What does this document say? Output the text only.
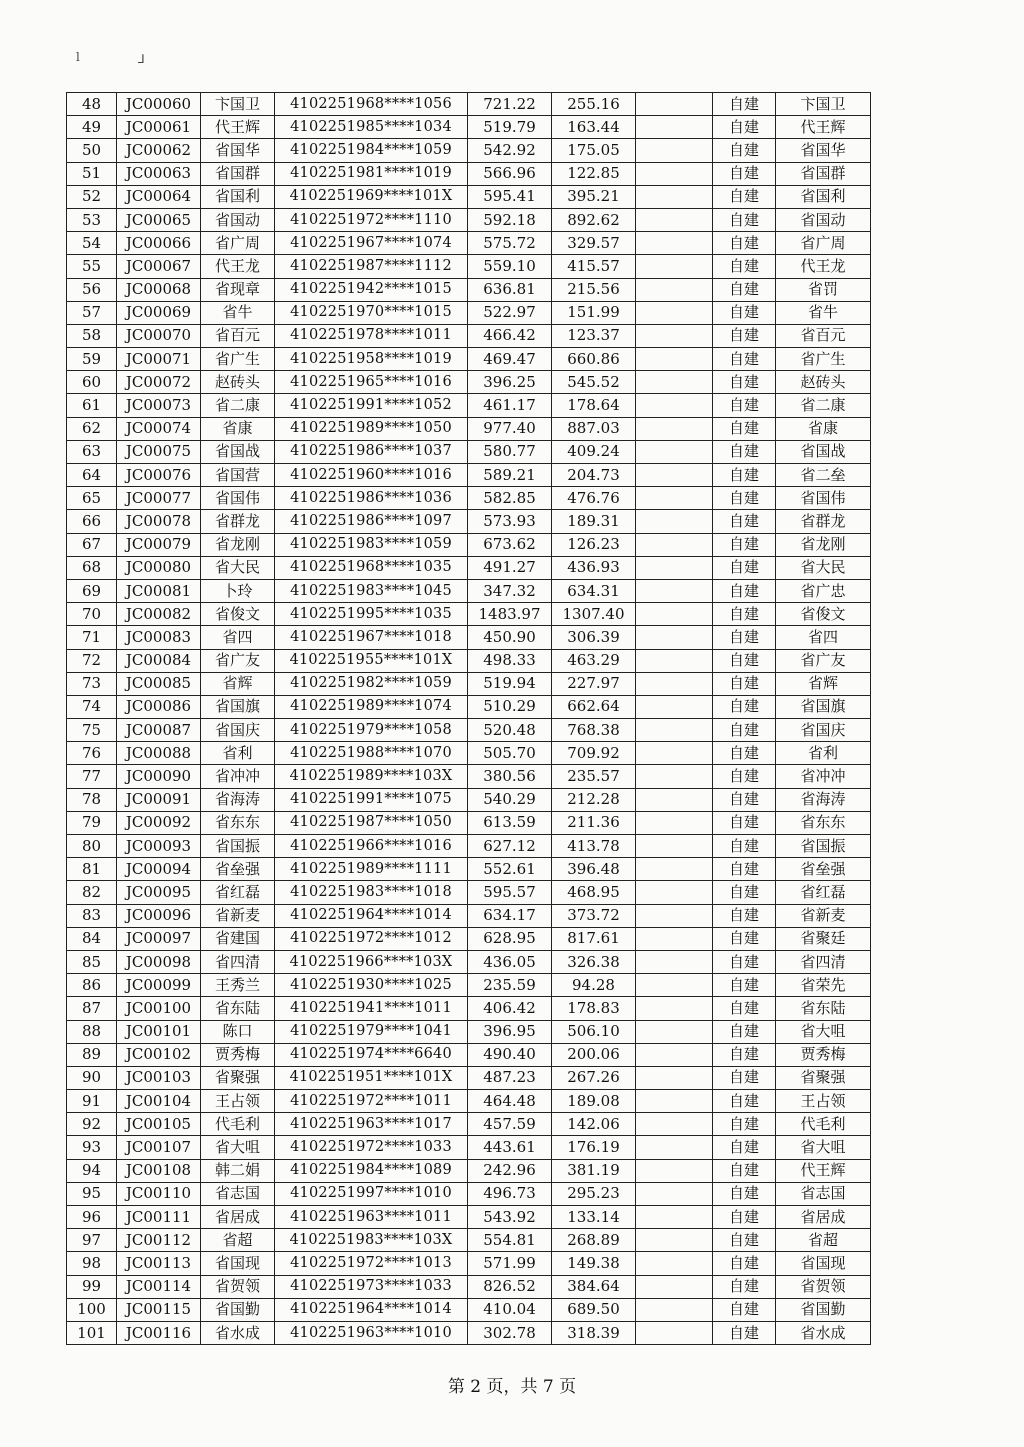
ⅼ	⅃
48	JC00060	卞国卫	4102251968****1056	721.22	255.16		自建	卞国卫
49	JC00061	代王辉	4102251985****1034	519.79	163.44		自建	代王辉
50	JC00062	省国华	4102251984****1059	542.92	175.05		自建	省国华
51	JC00063	省国群	4102251981****1019	566.96	122.85		自建	省国群
52	JC00064	省国利	4102251969****101X	595.41	395.21		自建	省国利
53	JC00065	省国动	4102251972****1110	592.18	892.62		自建	省国动
54	JC00066	省广周	4102251967****1074	575.72	329.57		自建	省广周
55	JC00067	代王龙	4102251987****1112	559.10	415.57		自建	代王龙
56	JC00068	省现章	4102251942****1015	636.81	215.56		自建	省罚
57	JC00069	省牛	4102251970****1015	522.97	151.99		自建	省牛
58	JC00070	省百元	4102251978****1011	466.42	123.37		自建	省百元
59	JC00071	省广生	4102251958****1019	469.47	660.86		自建	省广生
60	JC00072	赵砖头	4102251965****1016	396.25	545.52		自建	赵砖头
61	JC00073	省二康	4102251991****1052	461.17	178.64		自建	省二康
62	JC00074	省康	4102251989****1050	977.40	887.03		自建	省康
63	JC00075	省国战	4102251986****1037	580.77	409.24		自建	省国战
64	JC00076	省国营	4102251960****1016	589.21	204.73		自建	省二垒
65	JC00077	省国伟	4102251986****1036	582.85	476.76		自建	省国伟
66	JC00078	省群龙	4102251986****1097	573.93	189.31		自建	省群龙
67	JC00079	省龙刚	4102251983****1059	673.62	126.23		自建	省龙刚
68	JC00080	省大民	4102251968****1035	491.27	436.93		自建	省大民
69	JC00081	卜玲	4102251983****1045	347.32	634.31		自建	省广忠
70	JC00082	省俊文	4102251995****1035	1483.97	1307.40		自建	省俊文
71	JC00083	省四	4102251967****1018	450.90	306.39		自建	省四
72	JC00084	省广友	4102251955****101X	498.33	463.29		自建	省广友
73	JC00085	省辉	4102251982****1059	519.94	227.97		自建	省辉
74	JC00086	省国旗	4102251989****1074	510.29	662.64		自建	省国旗
75	JC00087	省国庆	4102251979****1058	520.48	768.38		自建	省国庆
76	JC00088	省利	4102251988****1070	505.70	709.92		自建	省利
77	JC00090	省冲冲	4102251989****103X	380.56	235.57		自建	省冲冲
78	JC00091	省海涛	4102251991****1075	540.29	212.28		自建	省海涛
79	JC00092	省东东	4102251987****1050	613.59	211.36		自建	省东东
80	JC00093	省国振	4102251966****1016	627.12	413.78		自建	省国振
81	JC00094	省垒强	4102251989****1111	552.61	396.48		自建	省垒强
82	JC00095	省红磊	4102251983****1018	595.57	468.95		自建	省红磊
83	JC00096	省新麦	4102251964****1014	634.17	373.72		自建	省新麦
84	JC00097	省建国	4102251972****1012	628.95	817.61		自建	省聚廷
85	JC00098	省四清	4102251966****103X	436.05	326.38		自建	省四清
86	JC00099	王秀兰	4102251930****1025	235.59	94.28		自建	省荣先
87	JC00100	省东陆	4102251941****1011	406.42	178.83		自建	省东陆
88	JC00101	陈口	4102251979****1041	396.95	506.10		自建	省大咀
89	JC00102	贾秀梅	4102251974****6640	490.40	200.06		自建	贾秀梅
90	JC00103	省聚强	4102251951****101X	487.23	267.26		自建	省聚强
91	JC00104	王占领	4102251972****1011	464.48	189.08		自建	王占领
92	JC00105	代毛利	4102251963****1017	457.59	142.06		自建	代毛利
93	JC00107	省大咀	4102251972****1033	443.61	176.19		自建	省大咀
94	JC00108	韩二娟	4102251984****1089	242.96	381.19		自建	代王辉
95	JC00110	省志国	4102251997****1010	496.73	295.23		自建	省志国
96	JC00111	省居成	4102251963****1011	543.92	133.14		自建	省居成
97	JC00112	省超	4102251983****103X	554.81	268.89		自建	省超
98	JC00113	省国现	4102251972****1013	571.99	149.38		自建	省国现
99	JC00114	省贺领	4102251973****1033	826.52	384.64		自建	省贺领
100	JC00115	省国勤	4102251964****1014	410.04	689.50		自建	省国勤
101	JC00116	省水成	4102251963****1010	302.78	318.39		自建	省水成
第 2 页，共 7 页
